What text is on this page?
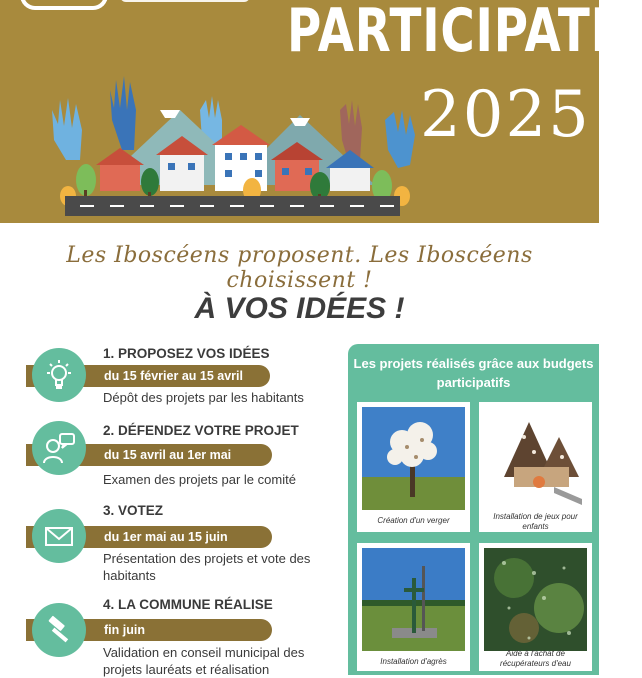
PARTICIPATIF
2025
Les Iboscéens proposent. Les Iboscéens choisissent !
À VOS IDÉES !
du 15 février au 15 avril
1. PROPOSEZ VOS IDÉES
Dépôt des projets par les habitants
du 15 avril au 1er mai
2. DÉFENDEZ VOTRE PROJET
Examen des projets par le comité
du 1er mai au 15 juin
3. VOTEZ
Présentation des projets et vote des habitants
fin juin
4. LA COMMUNE RÉALISE
Validation en conseil municipal des projets lauréats et réalisation
Les projets réalisés grâce aux budgets participatifs
Création d'un verger	Installation de jeux pour enfants
Installation d'agrès
Aide à l'achat de récupérateurs d'eau
